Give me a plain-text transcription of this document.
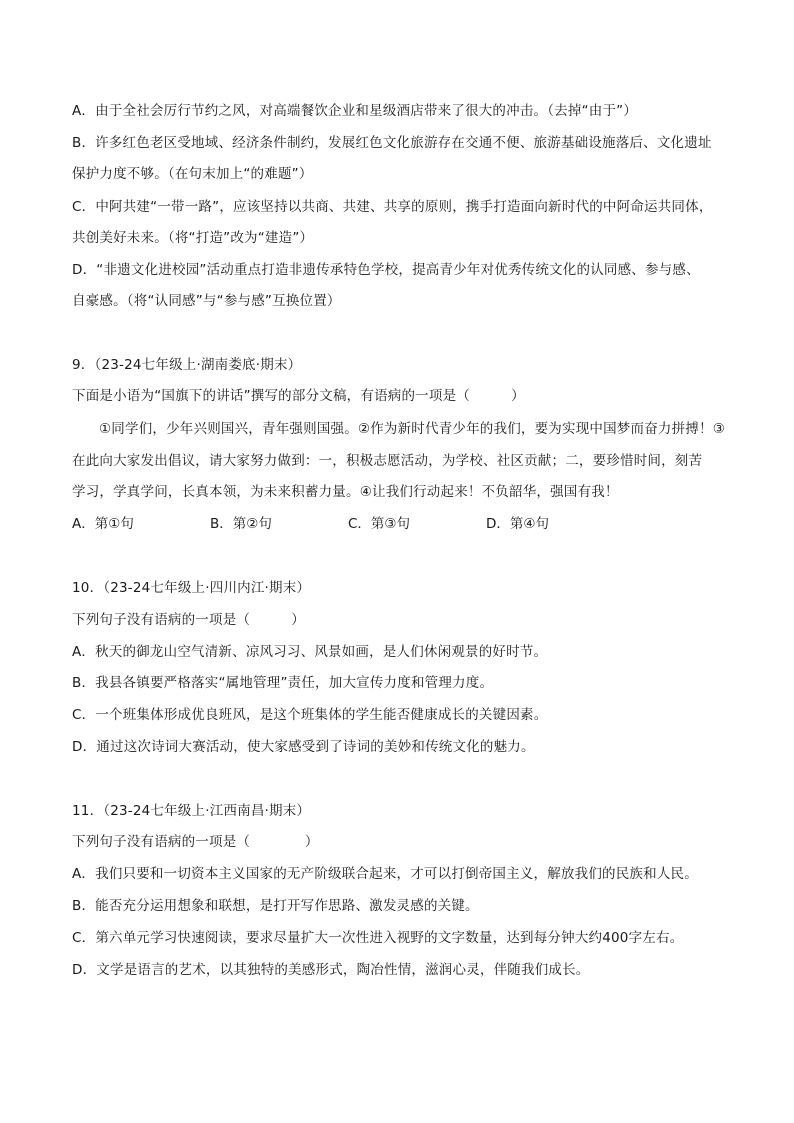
A．由于全社会厉行节约之风，对高端餐饮企业和星级酒店带来了很大的冲击。（去掉“由于”）
B．许多红色老区受地域、经济条件制约，发展红色文化旅游存在交通不便、旅游基础设施落后、文化遗址
保护力度不够。（在句末加上“的难题”）
C．中阿共建“一带一路”，应该坚持以共商、共建、共享的原则，携手打造面向新时代的中阿命运共同体，
共创美好未来。（将“打造”改为“建造”）
D．“非遗文化进校园”活动重点打造非遗传承特色学校，提高青少年对优秀传统文化的认同感、参与感、
自豪感。（将“认同感”与“参与感”互换位置）
9．（23-24七年级上·湖南娄底·期末）
下面是小语为“国旗下的讲话”撰写的部分文稿，有语病的一项是（　　　）
①同学们，少年兴则国兴，青年强则国强。②作为新时代青少年的我们，要为实现中国梦而奋力拼搏！③
在此向大家发出倡议，请大家努力做到：一，积极志愿活动，为学校、社区贡献；二，要珍惜时间，刻苦
学习，学真学问，长真本领，为未来积蓄力量。④让我们行动起来！不负韶华，强国有我！
A．第①句	B．第②句	C．第③句	D．第④句
10．（23-24七年级上·四川内江·期末）
下列句子没有语病的一项是（　　　）
A．秋天的御龙山空气清新、凉风习习、风景如画，是人们休闲观景的好时节。
B．我县各镇要严格落实“属地管理”责任，加大宣传力度和管理力度。
C．一个班集体形成优良班风，是这个班集体的学生能否健康成长的关键因素。
D．通过这次诗词大赛活动，使大家感受到了诗词的美妙和传统文化的魅力。
11．（23-24七年级上·江西南昌·期末）
下列句子没有语病的一项是（　　　　）
A．我们只要和一切资本主义国家的无产阶级联合起来，才可以打倒帝国主义，解放我们的民族和人民。
B．能否充分运用想象和联想，是打开写作思路、激发灵感的关键。
C．第六单元学习快速阅读，要求尽量扩大一次性进入视野的文字数量，达到每分钟大约400字左右。
D．文学是语言的艺术，以其独特的美感形式，陶冶性情，滋润心灵，伴随我们成长。
